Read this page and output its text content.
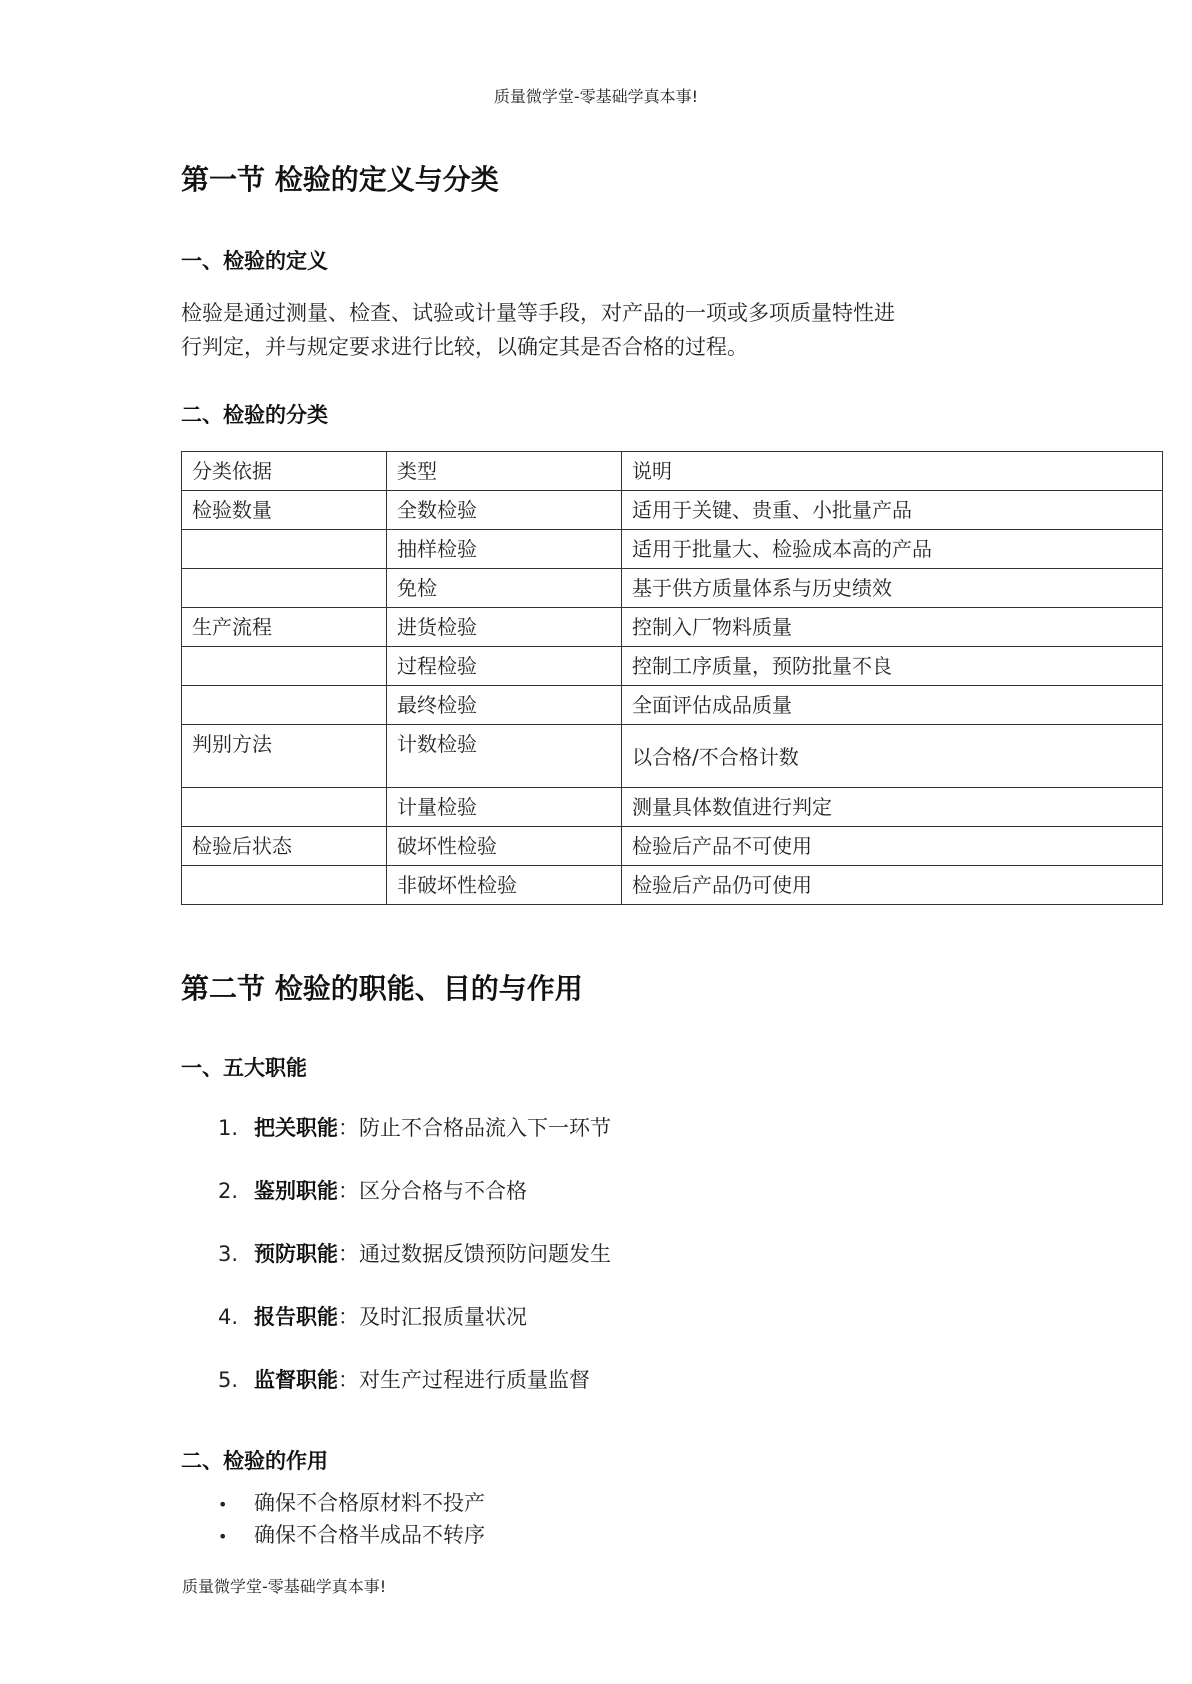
质量微学堂-零基础学真本事!
第一节 检验的定义与分类
一、检验的定义
检验是通过测量、检查、试验或计量等手段，对产品的一项或多项质量特性进
行判定，并与规定要求进行比较，以确定其是否合格的过程。
二、检验的分类
分类依据	类型	说明
检验数量	全数检验	适用于关键、贵重、小批量产品
	抽样检验	适用于批量大、检验成本高的产品
	免检	基于供方质量体系与历史绩效
生产流程	进货检验	控制入厂物料质量
	过程检验	控制工序质量，预防批量不良
	最终检验	全面评估成品质量
判别方法	计数检验	以合格/不合格计数
	计量检验	测量具体数值进行判定
检验后状态	破坏性检验	检验后产品不可使用
	非破坏性检验	检验后产品仍可使用
第二节 检验的职能、目的与作用
一、五大职能
1. 把关职能：防止不合格品流入下一环节
2. 鉴别职能：区分合格与不合格
3. 预防职能：通过数据反馈预防问题发生
4. 报告职能：及时汇报质量状况
5. 监督职能：对生产过程进行质量监督
二、检验的作用
• 确保不合格原材料不投产
• 确保不合格半成品不转序
质量微学堂-零基础学真本事!
